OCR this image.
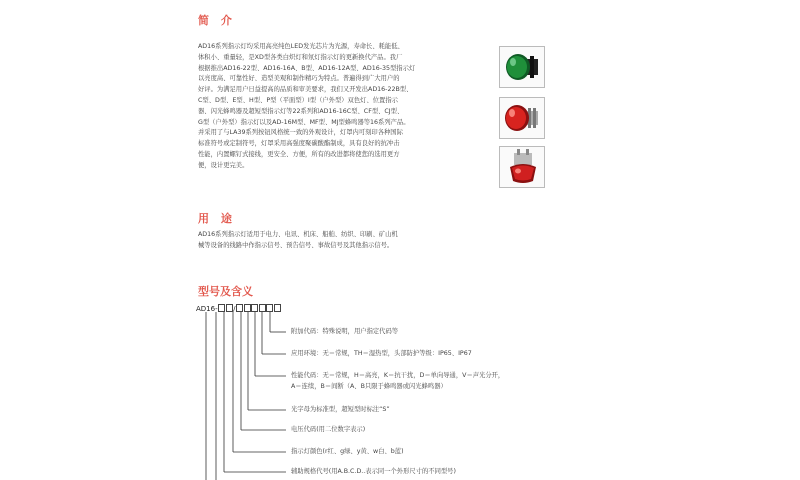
简 介
AD16系列指示灯均采用高亮纯色LED发光芯片为光源，寿命长、耗能低、
体积小、重量轻，是XD型各类白炽灯和氖灯指示灯的更新换代产品。我厂
根据推出AD16-22型、AD16-16A、B型、AD16-12A型、AD16-35型指示灯
以亮度高、可靠性好、造型美观和制作精巧为特点。普遍得到广大用户的
好评。为满足用户日益提高的品质和审美要求，我们又开发出AD16-22B型、
C型、D型、E型、H型、P型（平面型）I型（户外型）双色灯、位置指示
器、闪光蜂鸣器及超短型指示灯等22系列和AD16-16C型、CF型、CJ型、
G型（户外型）指示灯以及AD-16M型、MF型、MJ型蜂鸣器等16系列产品。
并采用了与LA39系列按钮风格统一致的外观设计，灯罩内可刻印各种国际
标准符号或定制符号，灯罩采用高强度聚碳酸酯制成，具有良好的抗冲击
性能，内置螺钉式接线，更安全、方便，所有的改进都将使您的选用更方
便，设计更完美。
用 途
AD16系列指示灯适用于电力、电讯、机床、船舶、纺织、印刷、矿山机
械等设备的线路中作指示信号、预告信号、事故信号及其他指示信号。
型号及含义
AD16- /
附加代码：特殊说明，用户指定代码等
应用环境：无＝常规，TH＝湿热型，头部防护等级：IP65、IP67
性能代码：无＝常规，H＝高亮，K＝抗干扰，D＝单向导通，V＝声光分开，
A＝连续，B＝间断（A、B只限于蜂鸣器或闪光蜂鸣器）
光字母为标准型，超短型时标注“S”
电压代码(用二位数字表示)
指示灯颜色(r红、g绿、y黄、w白、b蓝)
辅助规格代号(用A.B.C.D..表示同一个外形尺寸的不同型号)
